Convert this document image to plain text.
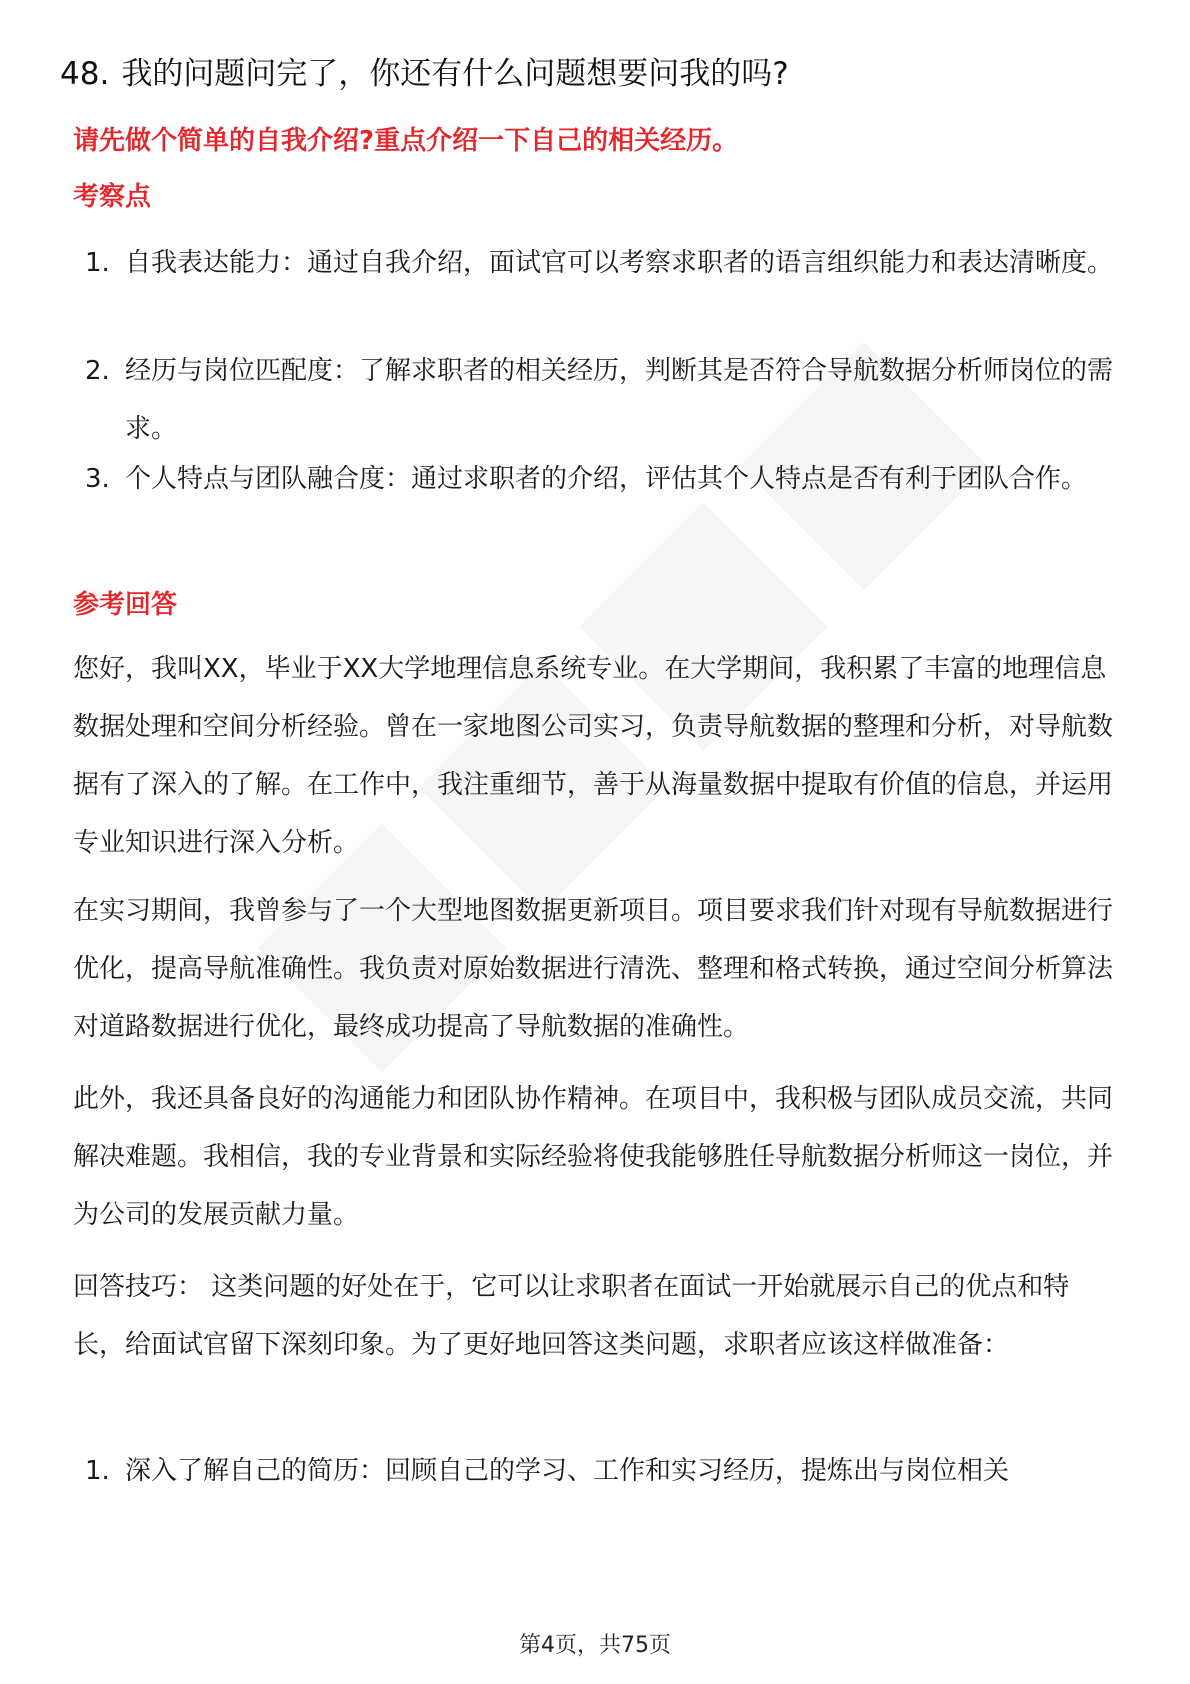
48. 我的问题问完了，你还有什么问题想要问我的吗?
请先做个简单的自我介绍?重点介绍一下自己的相关经历。
考察点
1. 自我表达能力：通过自我介绍，面试官可以考察求职者的语言组织能力和表达清晰度。
2. 经历与岗位匹配度：了解求职者的相关经历，判断其是否符合导航数据分析师岗位的需求。
3. 个人特点与团队融合度：通过求职者的介绍，评估其个人特点是否有利于团队合作。
参考回答

您好，我叫XX，毕业于XX大学地理信息系统专业。在大学期间，我积累了丰富的地理信息数据处理和空间分析经验。曾在一家地图公司实习，负责导航数据的整理和分析，对导航数据有了深入的了解。在工作中，我注重细节，善于从海量数据中提取有价值的信息，并运用专业知识进行深入分析。

在实习期间，我曾参与了一个大型地图数据更新项目。项目要求我们针对现有导航数据进行优化，提高导航准确性。我负责对原始数据进行清洗、整理和格式转换，通过空间分析算法对道路数据进行优化，最终成功提高了导航数据的准确性。

此外，我还具备良好的沟通能力和团队协作精神。在项目中，我积极与团队成员交流，共同解决难题。我相信，我的专业背景和实际经验将使我能够胜任导航数据分析师这一岗位，并为公司的发展贡献力量。

回答技巧： 这类问题的好处在于，它可以让求职者在面试一开始就展示自己的优点和特长，给面试官留下深刻印象。为了更好地回答这类问题，求职者应该这样做准备：

1. 深入了解自己的简历：回顾自己的学习、工作和实习经历，提炼出与岗位相关
第4页，共75页
